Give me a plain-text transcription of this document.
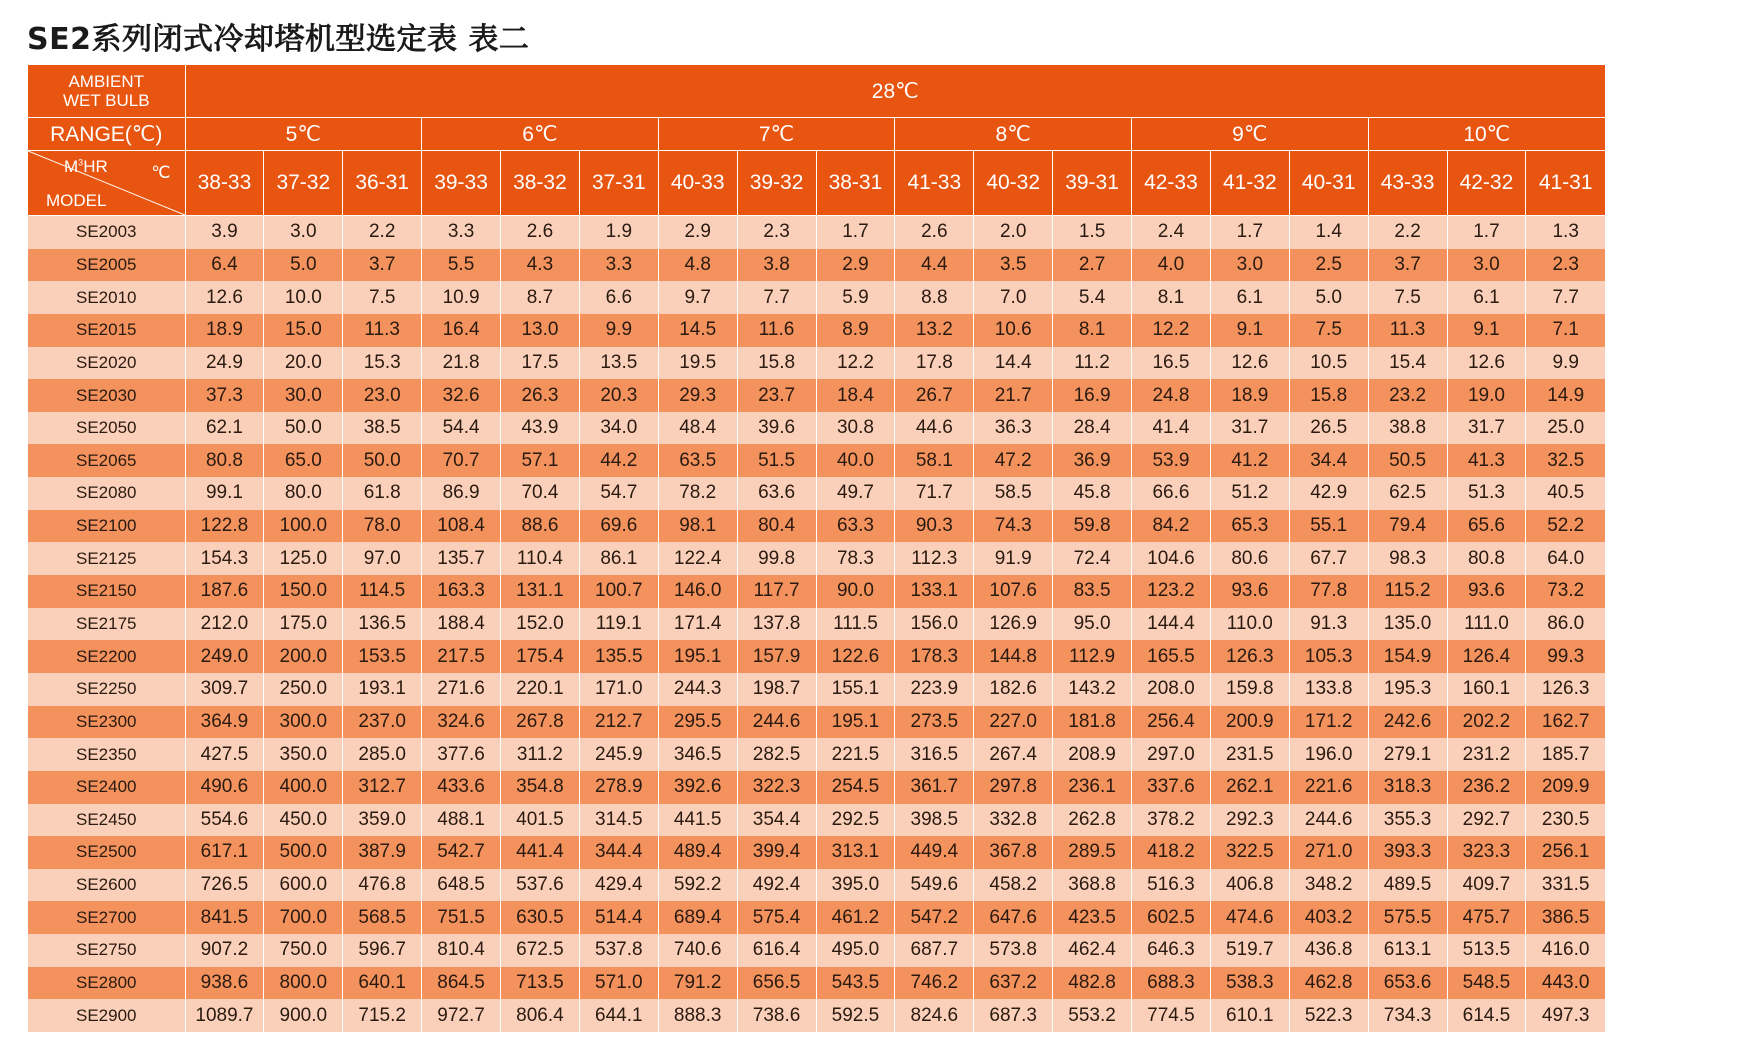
SE2系列闭式冷却塔机型选定表 表二
AMBIENT
WET BULB	28℃																	
RANGE(℃)	5℃			6℃			7℃			8℃			9℃			10℃		

$M^3HR$ ℃
MODEL	38-33	37-32	36-31	39-33	38-32	37-31	40-33	39-32	38-31	41-33	40-32	39-31	42-33	41-32	40-31	43-33	42-32	41-31
SE2003	3.9	3.0	2.2	3.3	2.6	1.9	2.9	2.3	1.7	2.6	2.0	1.5	2.4	1.7	1.4	2.2	1.7	1.3
SE2005	6.4	5.0	3.7	5.5	4.3	3.3	4.8	3.8	2.9	4.4	3.5	2.7	4.0	3.0	2.5	3.7	3.0	2.3
SE2010	12.6	10.0	7.5	10.9	8.7	6.6	9.7	7.7	5.9	8.8	7.0	5.4	8.1	6.1	5.0	7.5	6.1	7.7
SE2015	18.9	15.0	11.3	16.4	13.0	9.9	14.5	11.6	8.9	13.2	10.6	8.1	12.2	9.1	7.5	11.3	9.1	7.1
SE2020	24.9	20.0	15.3	21.8	17.5	13.5	19.5	15.8	12.2	17.8	14.4	11.2	16.5	12.6	10.5	15.4	12.6	9.9
SE2030	37.3	30.0	23.0	32.6	26.3	20.3	29.3	23.7	18.4	26.7	21.7	16.9	24.8	18.9	15.8	23.2	19.0	14.9
SE2050	62.1	50.0	38.5	54.4	43.9	34.0	48.4	39.6	30.8	44.6	36.3	28.4	41.4	31.7	26.5	38.8	31.7	25.0
SE2065	80.8	65.0	50.0	70.7	57.1	44.2	63.5	51.5	40.0	58.1	47.2	36.9	53.9	41.2	34.4	50.5	41.3	32.5
SE2080	99.1	80.0	61.8	86.9	70.4	54.7	78.2	63.6	49.7	71.7	58.5	45.8	66.6	51.2	42.9	62.5	51.3	40.5
SE2100	122.8	100.0	78.0	108.4	88.6	69.6	98.1	80.4	63.3	90.3	74.3	59.8	84.2	65.3	55.1	79.4	65.6	52.2
SE2125	154.3	125.0	97.0	135.7	110.4	86.1	122.4	99.8	78.3	112.3	91.9	72.4	104.6	80.6	67.7	98.3	80.8	64.0
SE2150	187.6	150.0	114.5	163.3	131.1	100.7	146.0	117.7	90.0	133.1	107.6	83.5	123.2	93.6	77.8	115.2	93.6	73.2
SE2175	212.0	175.0	136.5	188.4	152.0	119.1	171.4	137.8	111.5	156.0	126.9	95.0	144.4	110.0	91.3	135.0	111.0	86.0
SE2200	249.0	200.0	153.5	217.5	175.4	135.5	195.1	157.9	122.6	178.3	144.8	112.9	165.5	126.3	105.3	154.9	126.4	99.3
SE2250	309.7	250.0	193.1	271.6	220.1	171.0	244.3	198.7	155.1	223.9	182.6	143.2	208.0	159.8	133.8	195.3	160.1	126.3
SE2300	364.9	300.0	237.0	324.6	267.8	212.7	295.5	244.6	195.1	273.5	227.0	181.8	256.4	200.9	171.2	242.6	202.2	162.7
SE2350	427.5	350.0	285.0	377.6	311.2	245.9	346.5	282.5	221.5	316.5	267.4	208.9	297.0	231.5	196.0	279.1	231.2	185.7
SE2400	490.6	400.0	312.7	433.6	354.8	278.9	392.6	322.3	254.5	361.7	297.8	236.1	337.6	262.1	221.6	318.3	236.2	209.9
SE2450	554.6	450.0	359.0	488.1	401.5	314.5	441.5	354.4	292.5	398.5	332.8	262.8	378.2	292.3	244.6	355.3	292.7	230.5
SE2500	617.1	500.0	387.9	542.7	441.4	344.4	489.4	399.4	313.1	449.4	367.8	289.5	418.2	322.5	271.0	393.3	323.3	256.1
SE2600	726.5	600.0	476.8	648.5	537.6	429.4	592.2	492.4	395.0	549.6	458.2	368.8	516.3	406.8	348.2	489.5	409.7	331.5
SE2700	841.5	700.0	568.5	751.5	630.5	514.4	689.4	575.4	461.2	547.2	647.6	423.5	602.5	474.6	403.2	575.5	475.7	386.5
SE2750	907.2	750.0	596.7	810.4	672.5	537.8	740.6	616.4	495.0	687.7	573.8	462.4	646.3	519.7	436.8	613.1	513.5	416.0
SE2800	938.6	800.0	640.1	864.5	713.5	571.0	791.2	656.5	543.5	746.2	637.2	482.8	688.3	538.3	462.8	653.6	548.5	443.0
SE2900	1089.7	900.0	715.2	972.7	806.4	644.1	888.3	738.6	592.5	824.6	687.3	553.2	774.5	610.1	522.3	734.3	614.5	497.3
